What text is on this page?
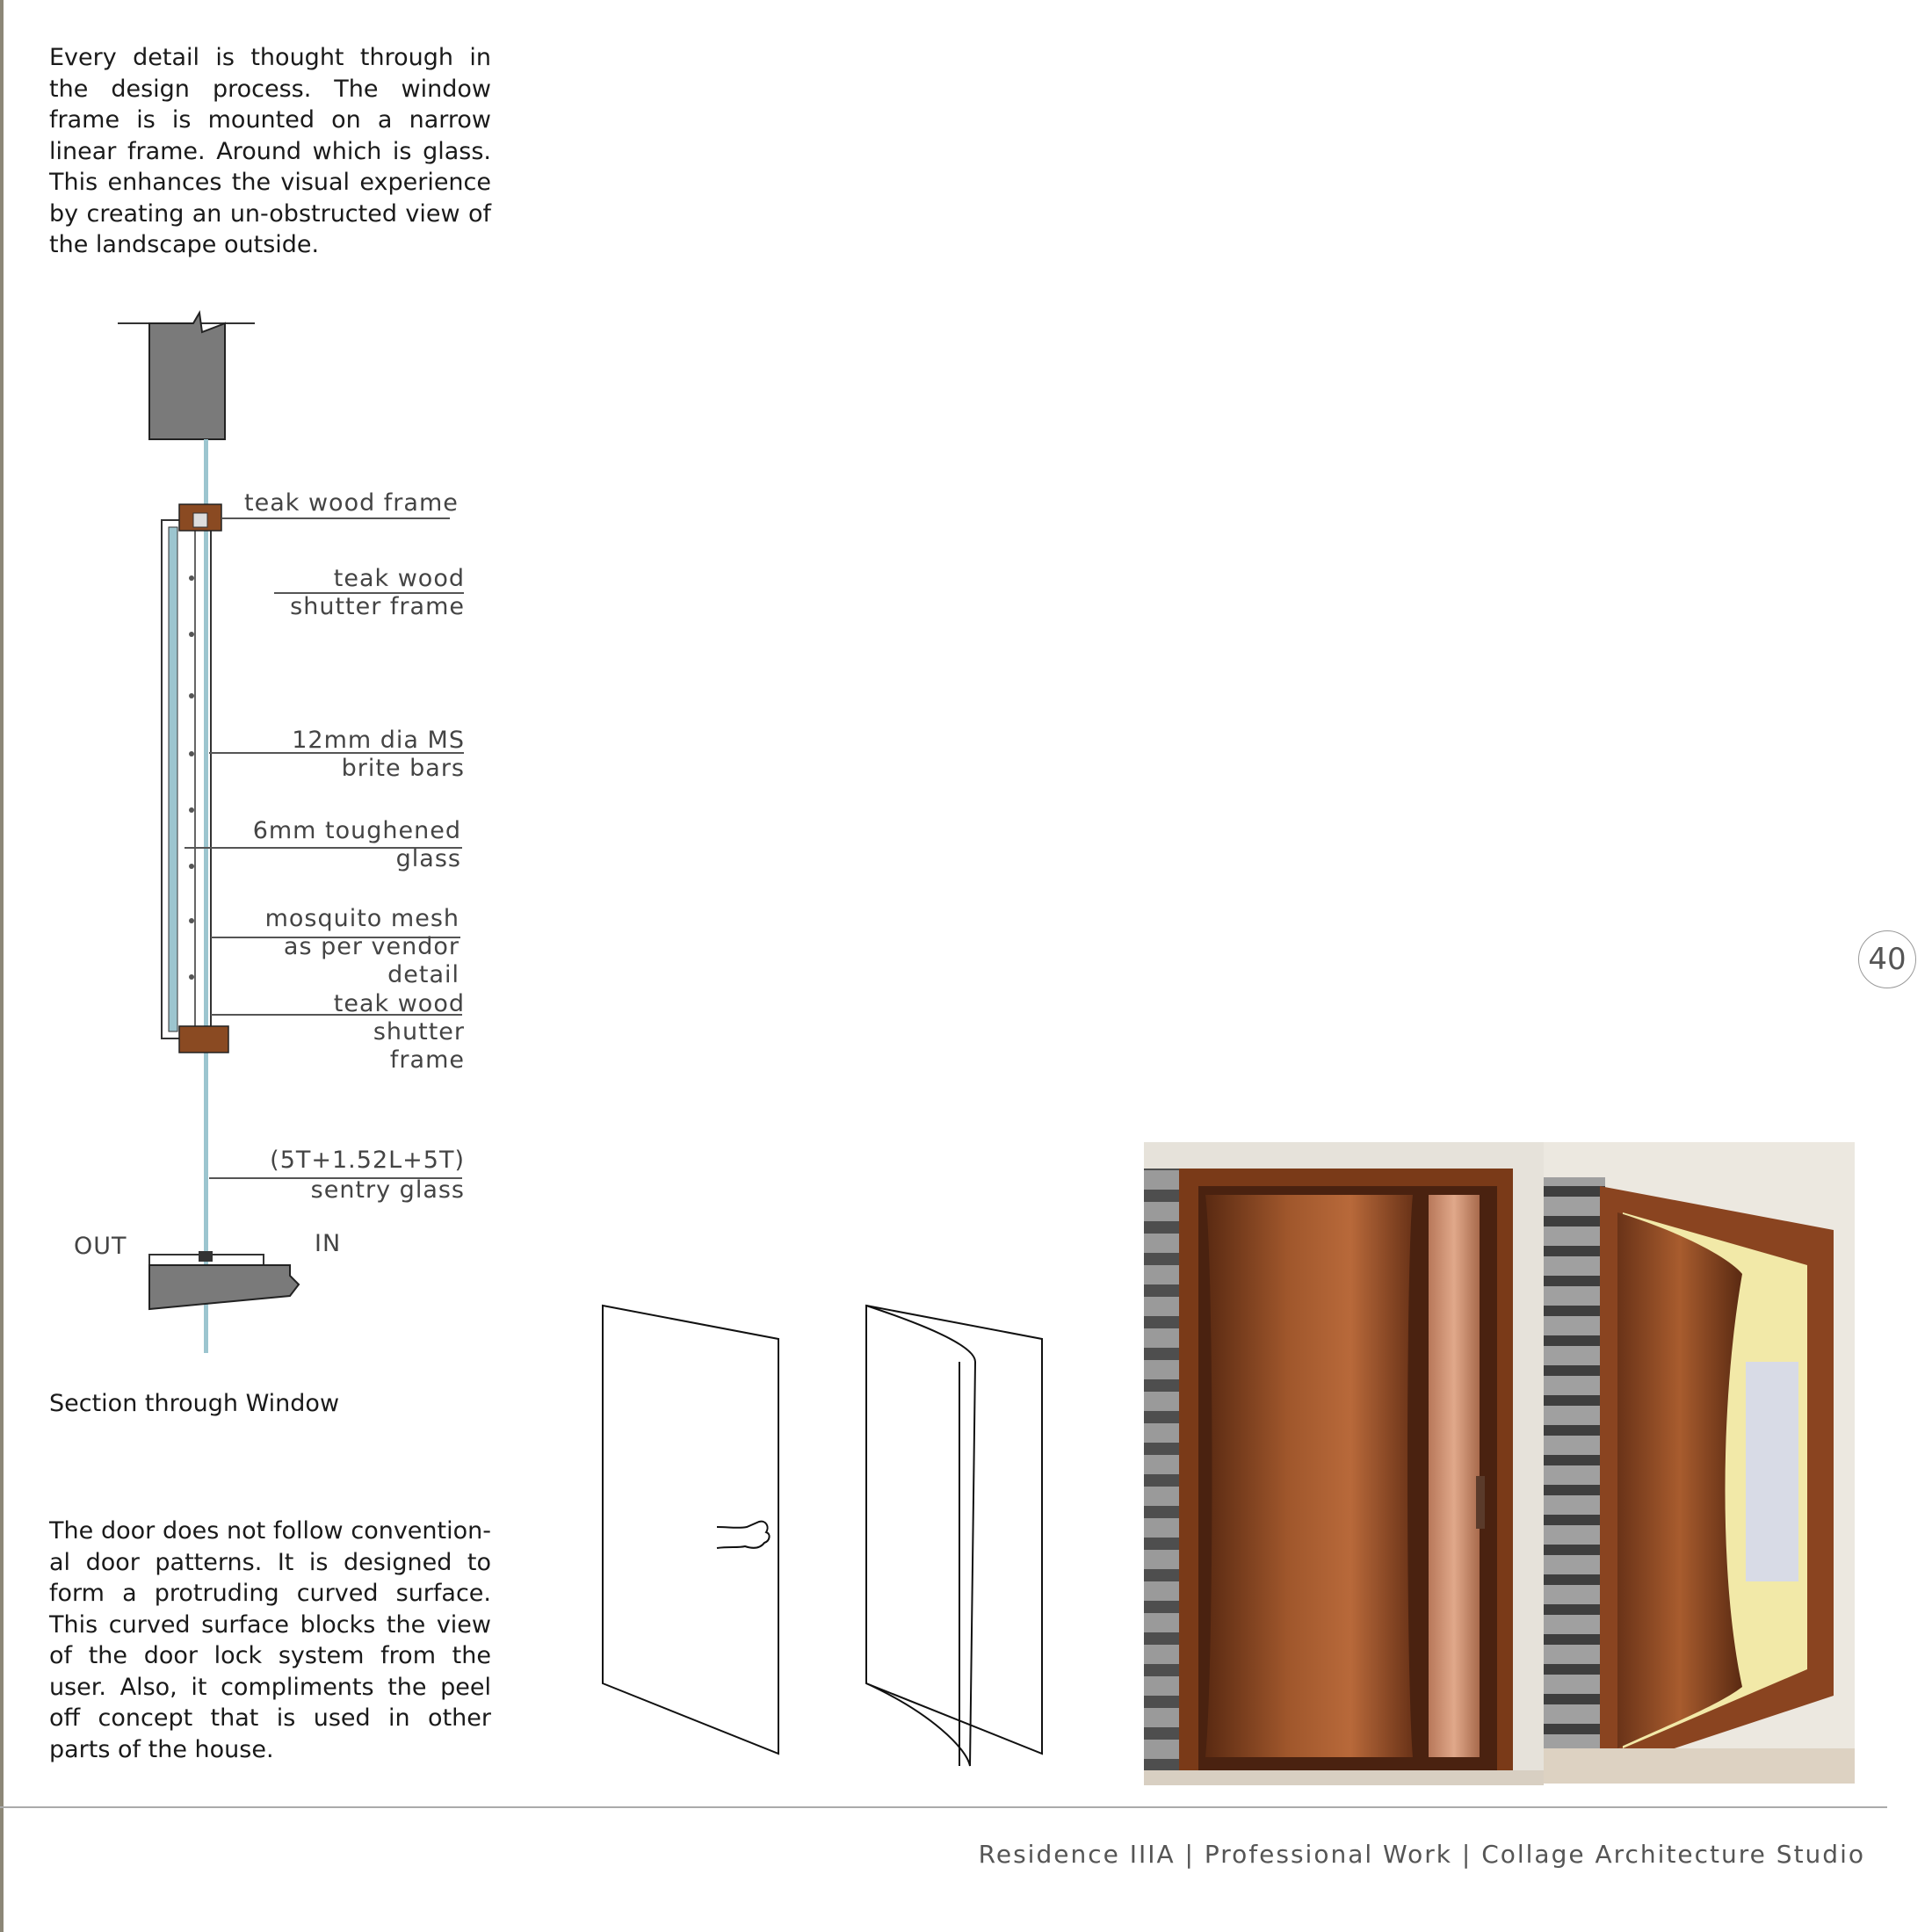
Every detail is thought through in the design process. The window frame is is mounted on a narrow linear frame. Around which is glass. This enhances the visual experience by creating an un-obstructed view of the landscape outside.
teak wood frame
teak wood
shutter frame
12mm dia MS
brite bars
6mm toughened
glass
mosquito mesh
as per vendor
detail
teak wood
shutter
frame
(5T+1.52L+5T)
sentry glass
OUT	IN
Section through Window
The door does not follow convention-al door patterns. It is designed to form a protruding curved surface. This curved surface blocks the view of the door lock system from the user. Also, it compliments the peel off concept that is used in other parts of the house.
40
Residence IIIA | Professional Work | Collage Architecture Studio
